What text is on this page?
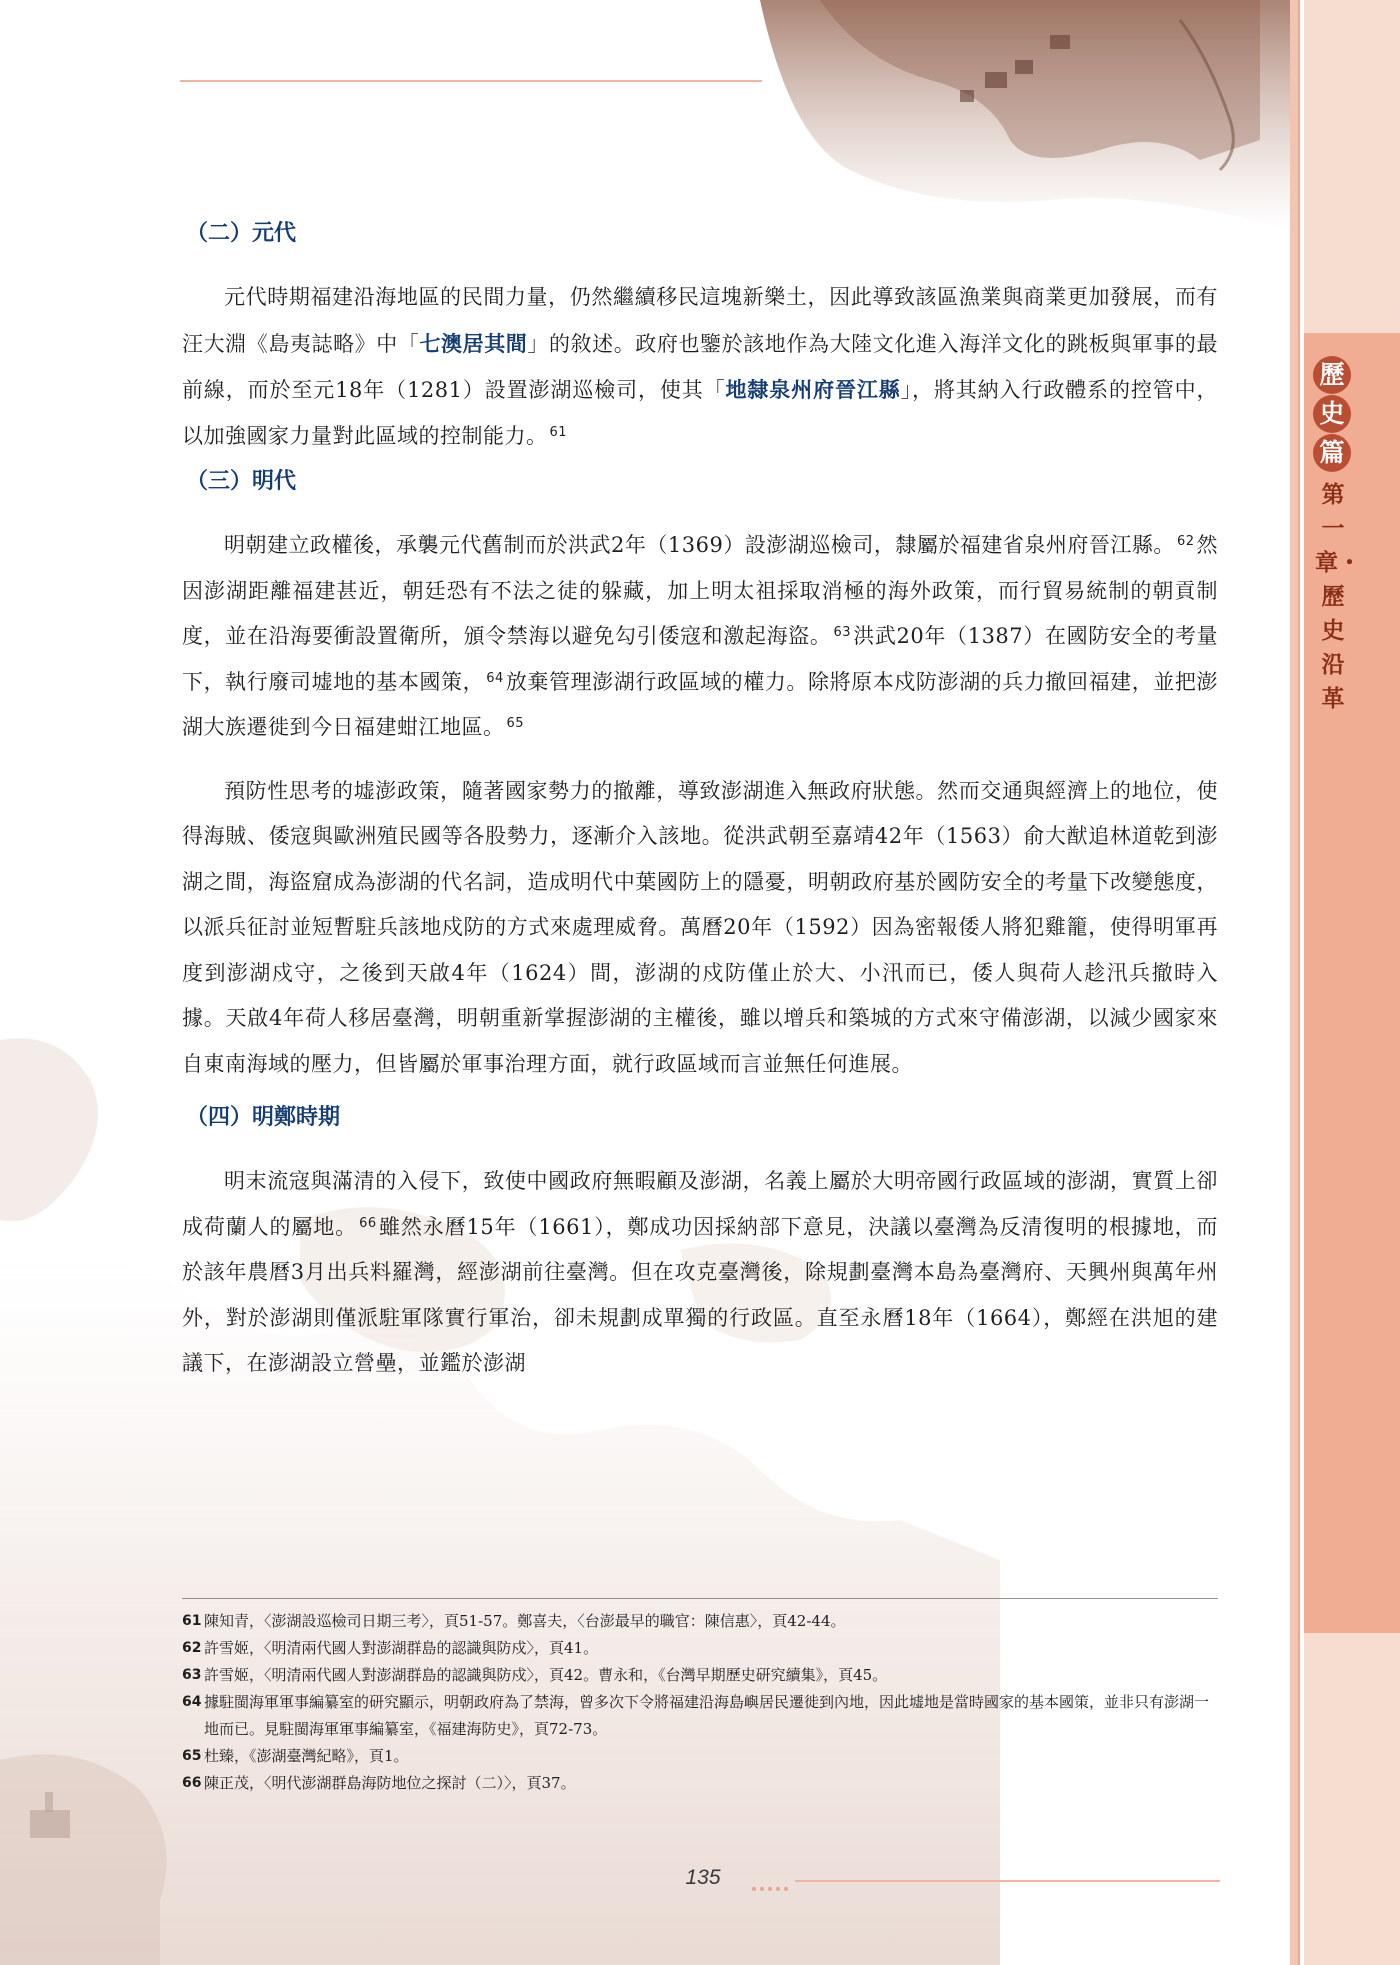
歷
史
篇
第一章・歷史沿革
（二）元代

元代時期福建沿海地區的民間力量，仍然繼續移民這塊新樂土，因此導致該區漁業與商業更加發展，而有汪大淵《島夷誌略》中「七澳居其間」的敘述。政府也鑒於該地作為大陸文化進入海洋文化的跳板與軍事的最前線，而於至元18年（1281）設置澎湖巡檢司，使其「地隸泉州府晉江縣」，將其納入行政體系的控管中，以加強國家力量對此區域的控制能力。 $^{61}$

（三）明代

明朝建立政權後，承襲元代舊制而於洪武2年（1369）設澎湖巡檢司，隸屬於福建省泉州府晉江縣。 $^{62}$然因澎湖距離福建甚近，朝廷恐有不法之徒的躲藏，加上明太祖採取消極的海外政策，而行貿易統制的朝貢制度，並在沿海要衝設置衛所，頒令禁海以避免勾引倭寇和激起海盜。 $^{63}$洪武20年（1387）在國防安全的考量下，執行廢司墟地的基本國策， $^{64}$放棄管理澎湖行政區域的權力。除將原本戍防澎湖的兵力撤回福建，並把澎湖大族遷徙到今日福建蚶江地區。 $^{65}$

預防性思考的墟澎政策，隨著國家勢力的撤離，導致澎湖進入無政府狀態。然而交通與經濟上的地位，使得海賊、倭寇與歐洲殖民國等各股勢力，逐漸介入該地。從洪武朝至嘉靖42年（1563）俞大猷追林道乾到澎湖之間，海盜窟成為澎湖的代名詞，造成明代中葉國防上的隱憂，明朝政府基於國防安全的考量下改變態度，以派兵征討並短暫駐兵該地戍防的方式來處理威脅。萬曆20年（1592）因為密報倭人將犯雞籠，使得明軍再度到澎湖戍守，之後到天啟4年（1624）間，澎湖的戍防僅止於大、小汛而已，倭人與荷人趁汛兵撤時入據。天啟4年荷人移居臺灣，明朝重新掌握澎湖的主權後，雖以增兵和築城的方式來守備澎湖，以減少國家來自東南海域的壓力，但皆屬於軍事治理方面，就行政區域而言並無任何進展。

（四）明鄭時期

明末流寇與滿清的入侵下，致使中國政府無暇顧及澎湖，名義上屬於大明帝國行政區域的澎湖，實質上卻成荷蘭人的屬地。 $^{66}$雖然永曆15年（1661），鄭成功因採納部下意見，決議以臺灣為反清復明的根據地，而於該年農曆3月出兵料羅灣，經澎湖前往臺灣。但在攻克臺灣後，除規劃臺灣本島為臺灣府、天興州與萬年州外，對於澎湖則僅派駐軍隊實行軍治，卻未規劃成單獨的行政區。直至永曆18年（1664），鄭經在洪旭的建議下，在澎湖設立營壘，並鑑於澎湖

61 陳知青，〈澎湖設巡檢司日期三考〉，頁51-57。鄭喜夫，〈台澎最早的職官：陳信惠〉，頁42-44。
62 許雪姬，〈明清兩代國人對澎湖群島的認識與防戍〉，頁41。
63 許雪姬，〈明清兩代國人對澎湖群島的認識與防戍〉，頁42。曹永和，《台灣早期歷史研究續集》，頁45。
64 據駐閩海軍軍事編纂室的研究顯示，明朝政府為了禁海，曾多次下令將福建沿海島嶼居民遷徙到內地，因此墟地是當時國家的基本國策，並非只有澎湖一地而已。見駐閩海軍軍事編纂室，《福建海防史》，頁72-73。
65 杜臻，《澎湖臺灣紀略》，頁1。
66 陳正茂，〈明代澎湖群島海防地位之探討（二）〉，頁37。
135
